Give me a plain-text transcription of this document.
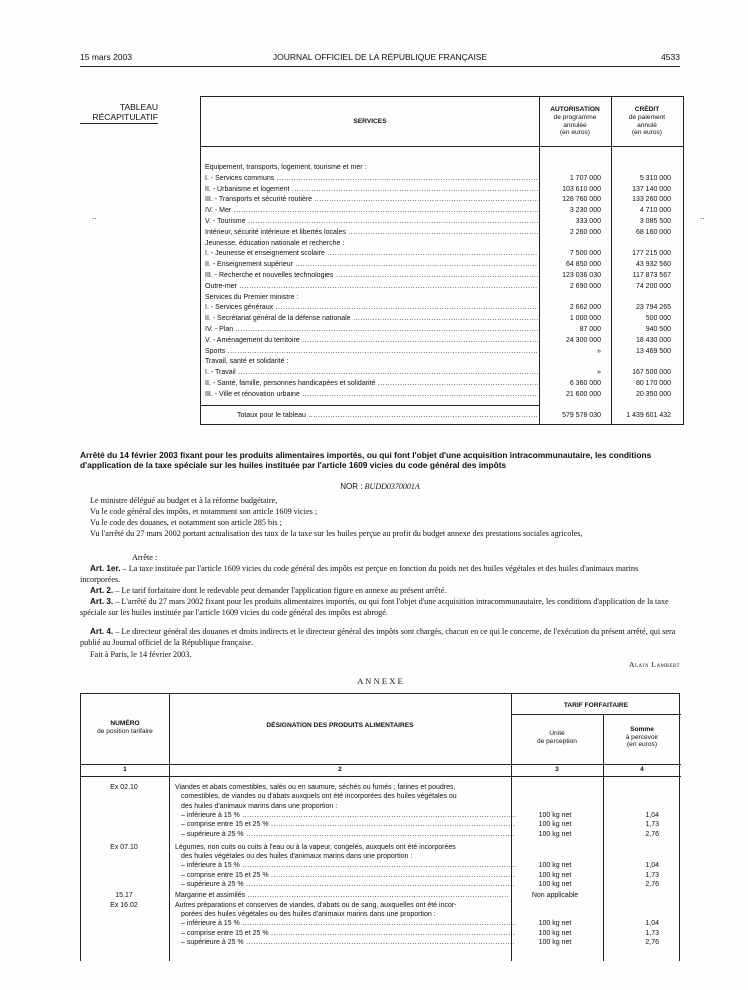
15 mars 2003	JOURNAL OFFICIEL DE LA RÉPUBLIQUE FRANÇAISE	4533
TABLEAU
RÉCAPITULATIF
..	..
SERVICES
AUTORISATION
de programme
annulée
(en euros)
CRÉDIT
de paiement
annulé
(en euros)
Equipement, transports, logement, tourisme et mer :
I. - Services communs .....	1 707 000	5 310 000
II. - Urbanisme et logement .....	103 610 000	137 140 000
III. - Transports et sécurité routière .....	128 760 000	133 260 000
IV. - Mer .....	3 230 000	4 710 000
V. - Tourisme .....	333 000	3 085 500
Intérieur, sécurité intérieure et libertés locales .....	2 260 000	68 160 000
Jeunesse, éducation nationale et recherche :
I. - Jeunesse et enseignement scolaire .....	7 500 000	177 215 000
II. - Enseignement supérieur .....	64 850 000	43 932 560
III. - Recherche et nouvelles technologies .....	123 036 030	117 873 567
Outre-mer .....	2 690 000	74 200 000
Services du Premier ministre :
I. - Services généraux .....	2 662 000	23 794 265
II. - Secrétariat général de la défense nationale .....	1 000 000	500 000
IV. - Plan .....	87 000	940 500
V. - Aménagement du territoire .....	24 300 000	18 430 000
Sports .....	»	13 469 500
Travail, santé et solidarité :
I. - Travail .....	»	167 500 000
II. - Santé, famille, personnes handicapées et solidarité .....	6 360 000	80 170 000
III. - Ville et rénovation urbaine .....	21 600 000	20 350 000
Totaux pour le tableau .....	579 578 030	1 439 601 432
Arrêté du 14 février 2003 fixant pour les produits alimentaires importés, ou qui font l'objet d'une acquisition intracommunautaire, les conditions d'application de la taxe spéciale sur les huiles instituée par l'article 1609 vicies du code général des impôts
NOR : BUDD0370001A
Le ministre délégué au budget et à la réforme budgétaire,
Vu le code général des impôts, et notamment son article 1609 vicies ;
Vu le code des douanes, et notamment son article 285 bis ;
Vu l'arrêté du 27 mars 2002 portant actualisation des taux de la taxe sur les huiles perçue au profit du budget annexe des prestations sociales agricoles,
Arrête :
Art. 1er. – La taxe instituée par l'article 1609 vicies du code général des impôts est perçue en fonction du poids net des huiles végétales et des huiles d'animaux marins incorporées.
Art. 2. – Le tarif forfaitaire dont le redevable peut demander l'application figure en annexe au présent arrêté.
Art. 3. – L'arrêté du 27 mars 2002 fixant pour les produits alimentaires importés, ou qui font l'objet d'une acquisition intracommunautaire, les conditions d'application de la taxe spéciale sur les huiles instituée par l'article 1609 vicies du code général des impôts est abrogé.
Art. 4. – Le directeur général des douanes et droits indirects et le directeur général des impôts sont chargés, chacun en ce qui le concerne, de l'exécution du présent arrêté, qui sera publié au Journal officiel de la République française.
Fait à Paris, le 14 février 2003.
Alain Lambert
A N N E X E
NUMÉRO
de position tarifaire
DÉSIGNATION DES PRODUITS ALIMENTAIRES
TARIF FORFAITAIRE
Unité
de perception
Somme
à percevoir
(en euros)
1	2	3	4
Ex 02.10	Viandes et abats comestibles, salés ou en saumure, séchés ou fumés ; farines et poudres,
comestibles, de viandes ou d'abats auxquels ont été incorporées des huiles végétales ou
des huiles d'animaux marins dans une proportion :
– inférieure à 15 % .....	100 kg net	1,04
– comprise entre 15 et 25 % .....	100 kg net	1,73
– supérieure à 25 % .....	100 kg net	2,76
Ex 07.10	Légumes, non cuits ou cuits à l'eau ou à la vapeur, congelés, auxquels ont été incorporées
des huiles végétales ou des huiles d'animaux marins dans une proportion :
– inférieure à 15 % .....	100 kg net	1,04
– comprise entre 15 et 25 % .....	100 kg net	1,73
– supérieure à 25 % .....	100 kg net	2,76
15.17	Margarine et assimilés .....	Non applicable
Ex 16.02	Autres préparations et conserves de viandes, d'abats ou de sang, auxquelles ont été incor-
porées des huiles végétales ou des huiles d'animaux marins dans une proportion :
– inférieure à 15 % .....	100 kg net	1,04
– comprise entre 15 et 25 % .....	100 kg net	1,73
– supérieure à 25 % .....	100 kg net	2,76
